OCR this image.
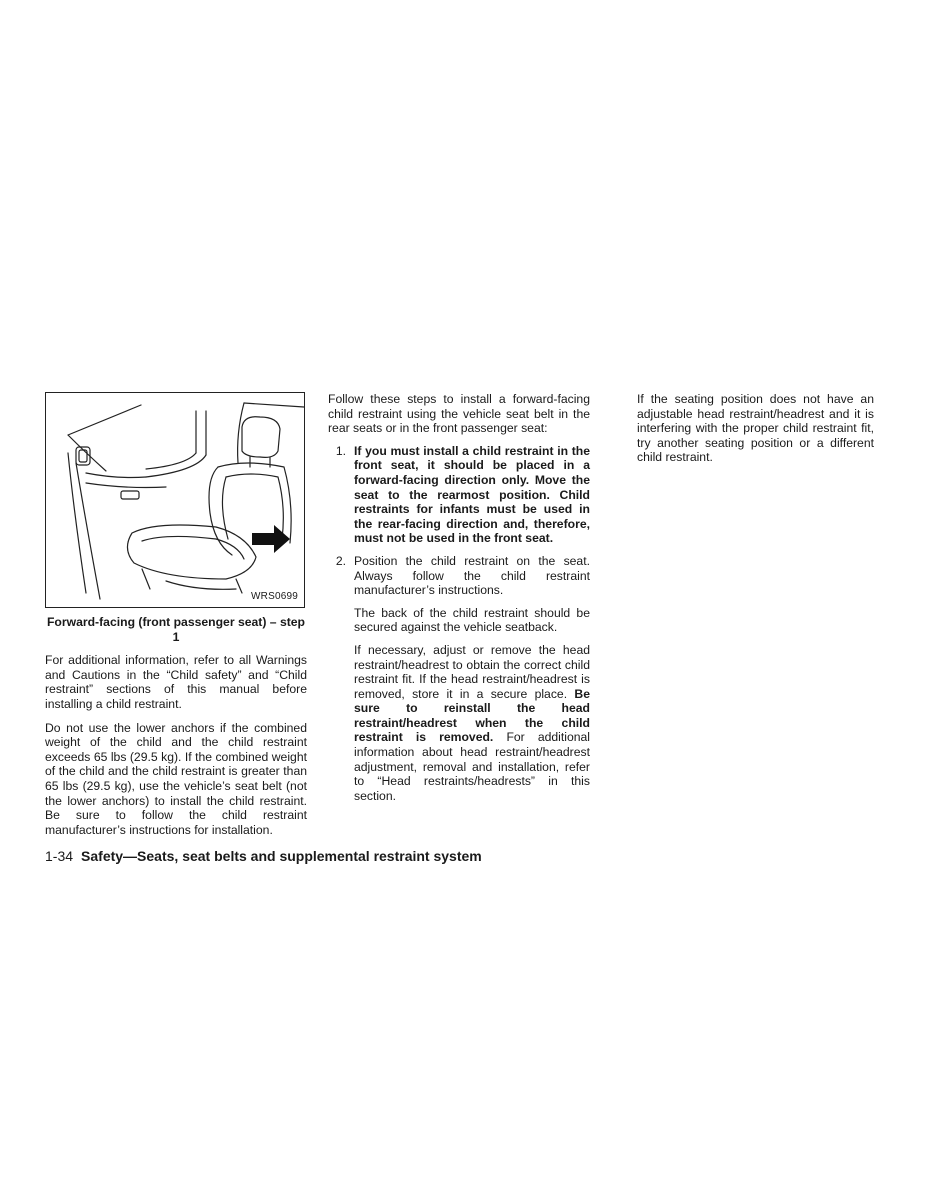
WRS0699

Forward-facing (front passenger seat) – step 1

For additional information, refer to all Warnings and Cautions in the “Child safety” and “Child restraint” sections of this manual before installing a child restraint.

Do not use the lower anchors if the combined weight of the child and the child restraint exceeds 65 lbs (29.5 kg). If the combined weight of the child and the child restraint is greater than 65 lbs (29.5 kg), use the vehicle’s seat belt (not the lower anchors) to install the child restraint. Be sure to follow the child restraint manufacturer’s instructions for installation.

Follow these steps to install a forward-facing child restraint using the vehicle seat belt in the rear seats or in the front passenger seat:

1. If you must install a child restraint in the front seat, it should be placed in a forward-facing direction only. Move the seat to the rearmost position. Child restraints for infants must be used in the rear-facing direction and, therefore, must not be used in the front seat.
2. Position the child restraint on the seat. Always follow the child restraint manufacturer’s instructions.

The back of the child restraint should be secured against the vehicle seatback.

If necessary, adjust or remove the head restraint/headrest to obtain the correct child restraint fit. If the head restraint/headrest is removed, store it in a secure place. Be sure to reinstall the head restraint/headrest when the child restraint is removed. For additional information about head restraint/headrest adjustment, removal and installation, refer to “Head restraints/headrests” in this section.

If the seating position does not have an adjustable head restraint/headrest and it is interfering with the proper child restraint fit, try another seating position or a different child restraint.

1-34 Safety—Seats, seat belts and supplemental restraint system
